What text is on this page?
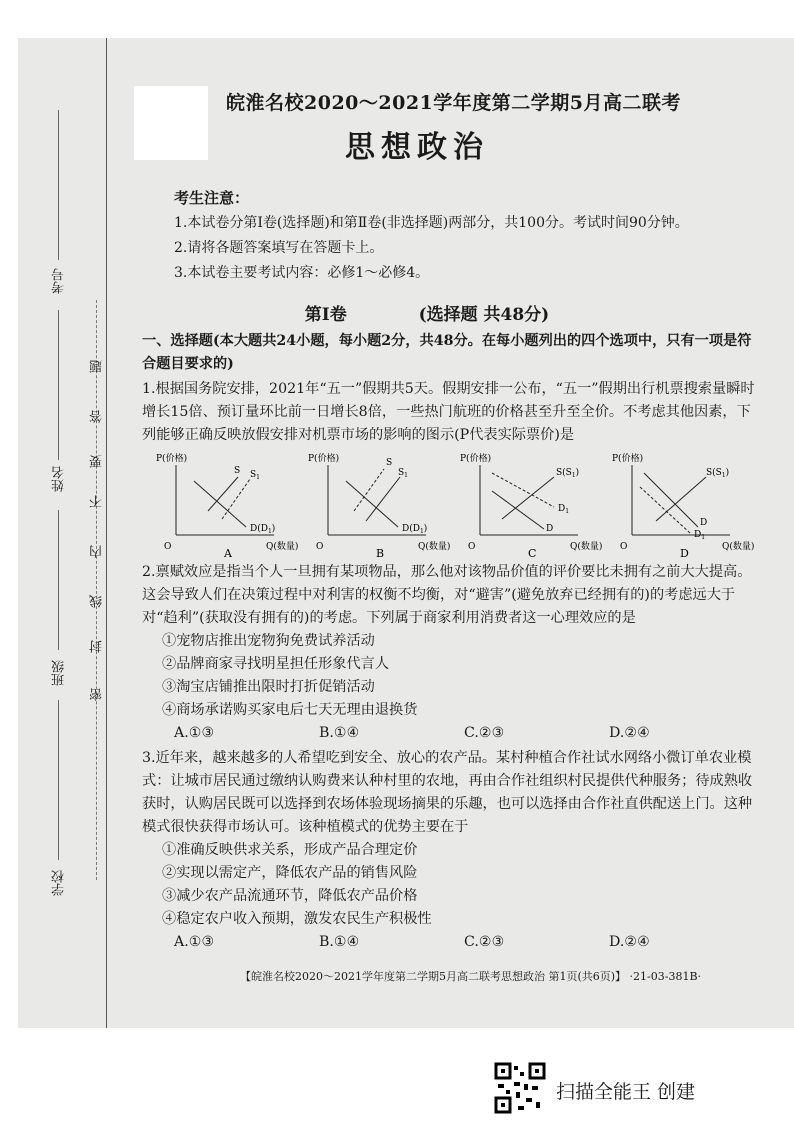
考号
姓名
班级
学校
题
答
要
不
内
线
封
密
皖淮名校2020～2021学年度第二学期5月高二联考
思想政治
考生注意：
1.本试卷分第Ⅰ卷(选择题)和第Ⅱ卷(非选择题)两部分，共100分。考试时间90分钟。
2.请将各题答案填写在答题卡上。
3.本试卷主要考试内容：必修1～必修4。
第Ⅰ卷	(选择题 共48分)
一、选择题(本大题共24小题，每小题2分，共48分。在每小题列出的四个选项中，只有一项是符合题目要求的)
1.根据国务院安排，2021年“五一”假期共5天。假期安排一公布，“五一”假期出行机票搜索量瞬时增长15倍、预订量环比前一日增长8倍，一些热门航班的价格甚至升至全价。不考虑其他因素，下列能够正确反映放假安排对机票市场的影响的图示(P代表实际票价)是
P(价格)
S $S_1$
$D(D_1)$
O	Q(数量)
A
P(价格)	S
$S_1$
$D(D_1)$
O	Q(数量)
B
P(价格)
$S(S_1)$
$D_1$
D
O	Q(数量)
C
P(价格)
$S(S_1)$
D
$D_1$
O	Q(数量)
D
2.禀赋效应是指当个人一旦拥有某项物品，那么他对该物品价值的评价要比未拥有之前大大提高。这会导致人们在决策过程中对利害的权衡不均衡，对“避害”(避免放弃已经拥有的)的考虑远大于对“趋利”(获取没有拥有的)的考虑。下列属于商家利用消费者这一心理效应的是
①宠物店推出宠物狗免费试养活动
②品牌商家寻找明星担任形象代言人
③淘宝店铺推出限时打折促销活动
④商场承诺购买家电后七天无理由退换货
A.①③	B.①④	C.②③	D.②④
3.近年来，越来越多的人希望吃到安全、放心的农产品。某村种植合作社试水网络小微订单农业模式：让城市居民通过缴纳认购费来认种村里的农地，再由合作社组织村民提供代种服务；待成熟收获时，认购居民既可以选择到农场体验现场摘果的乐趣，也可以选择由合作社直供配送上门。这种模式很快获得市场认可。该种植模式的优势主要在于
①准确反映供求关系，形成产品合理定价
②实现以需定产，降低农产品的销售风险
③减少农产品流通环节，降低农产品价格
④稳定农户收入预期，激发农民生产积极性
A.①③	B.①④	C.②③	D.②④
【皖淮名校2020～2021学年度第二学期5月高二联考思想政治 第1页(共6页)】 ·21-03-381B·
扫描全能王 创建
